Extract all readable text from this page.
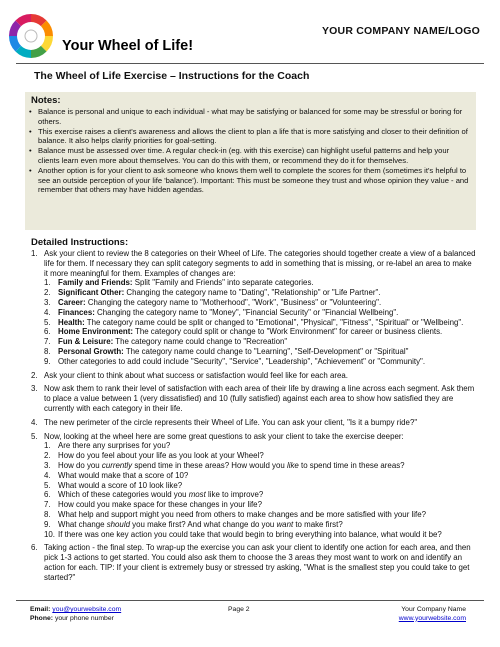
Your Wheel of Life!
YOUR COMPANY NAME/LOGO
The Wheel of Life Exercise – Instructions for the Coach
Notes:
• Balance is personal and unique to each individual - what may be satisfying or balanced for some may be stressful or boring for others.
• This exercise raises a client's awareness and allows the client to plan a life that is more satisfying and closer to their definition of balance. It also helps clarify priorities for goal-setting.
• Balance must be assessed over time. A regular check-in (eg. with this exercise) can highlight useful patterns and help your clients learn even more about themselves. You can do this with them, or recommend they do it for themselves.
• Another option is for your client to ask someone who knows them well to complete the scores for them (sometimes it's helpful to see an outside perception of your life 'balance'). Important: This must be someone they trust and whose opinion they value - and remember that others may have hidden agendas.
Detailed Instructions:
1. Ask your client to review the 8 categories on their Wheel of Life. The categories should together create a view of a balanced life for them. If necessary they can split category segments to add in something that is missing, or re-label an area to make it more meaningful for them. Examples of changes are:
1. Family and Friends: Split "Family and Friends" into separate categories.
2. Significant Other: Changing the category name to "Dating", "Relationship" or "Life Partner".
3. Career: Changing the category name to "Motherhood", "Work", "Business" or "Volunteering".
4. Finances: Changing the category name to "Money", "Financial Security" or "Financial Wellbeing".
5. Health: The category name could be split or changed to "Emotional", "Physical", "Fitness", "Spiritual" or "Wellbeing".
6. Home Environment: The category could split or change to "Work Environment" for career or business clients.
7. Fun & Leisure: The category name could change to "Recreation"
8. Personal Growth: The category name could change to "Learning", "Self-Development" or "Spiritual"
9. Other categories to add could include "Security", "Service", "Leadership", "Achievement" or "Community".
2. Ask your client to think about what success or satisfaction would feel like for each area.
3. Now ask them to rank their level of satisfaction with each area of their life by drawing a line across each segment. Ask them to place a value between 1 (very dissatisfied) and 10 (fully satisfied) against each area to show how satisfied they are currently with each category in their life.
4. The new perimeter of the circle represents their Wheel of Life. You can ask your client, "Is it a bumpy ride?"
5. Now, looking at the wheel here are some great questions to ask your client to take the exercise deeper:
1. Are there any surprises for you?
2. How do you feel about your life as you look at your Wheel?
3. How do you currently spend time in these areas? How would you like to spend time in these areas?
4. What would make that a score of 10?
5. What would a score of 10 look like?
6. Which of these categories would you most like to improve?
7. How could you make space for these changes in your life?
8. What help and support might you need from others to make changes and be more satisfied with your life?
9. What change should you make first? And what change do you want to make first?
10. If there was one key action you could take that would begin to bring everything into balance, what would it be?
6. Taking action - the final step. To wrap-up the exercise you can ask your client to identify one action for each area, and then pick 1-3 actions to get started. You could also ask them to choose the 3 areas they most want to work on and identify an action for each. TIP: If your client is extremely busy or stressed try asking, "What is the smallest step you could take to get started?"
Email: you@yourwebsite.com
Phone: your phone number
Page 2	Your Company Name
www.yourwebsite.com
